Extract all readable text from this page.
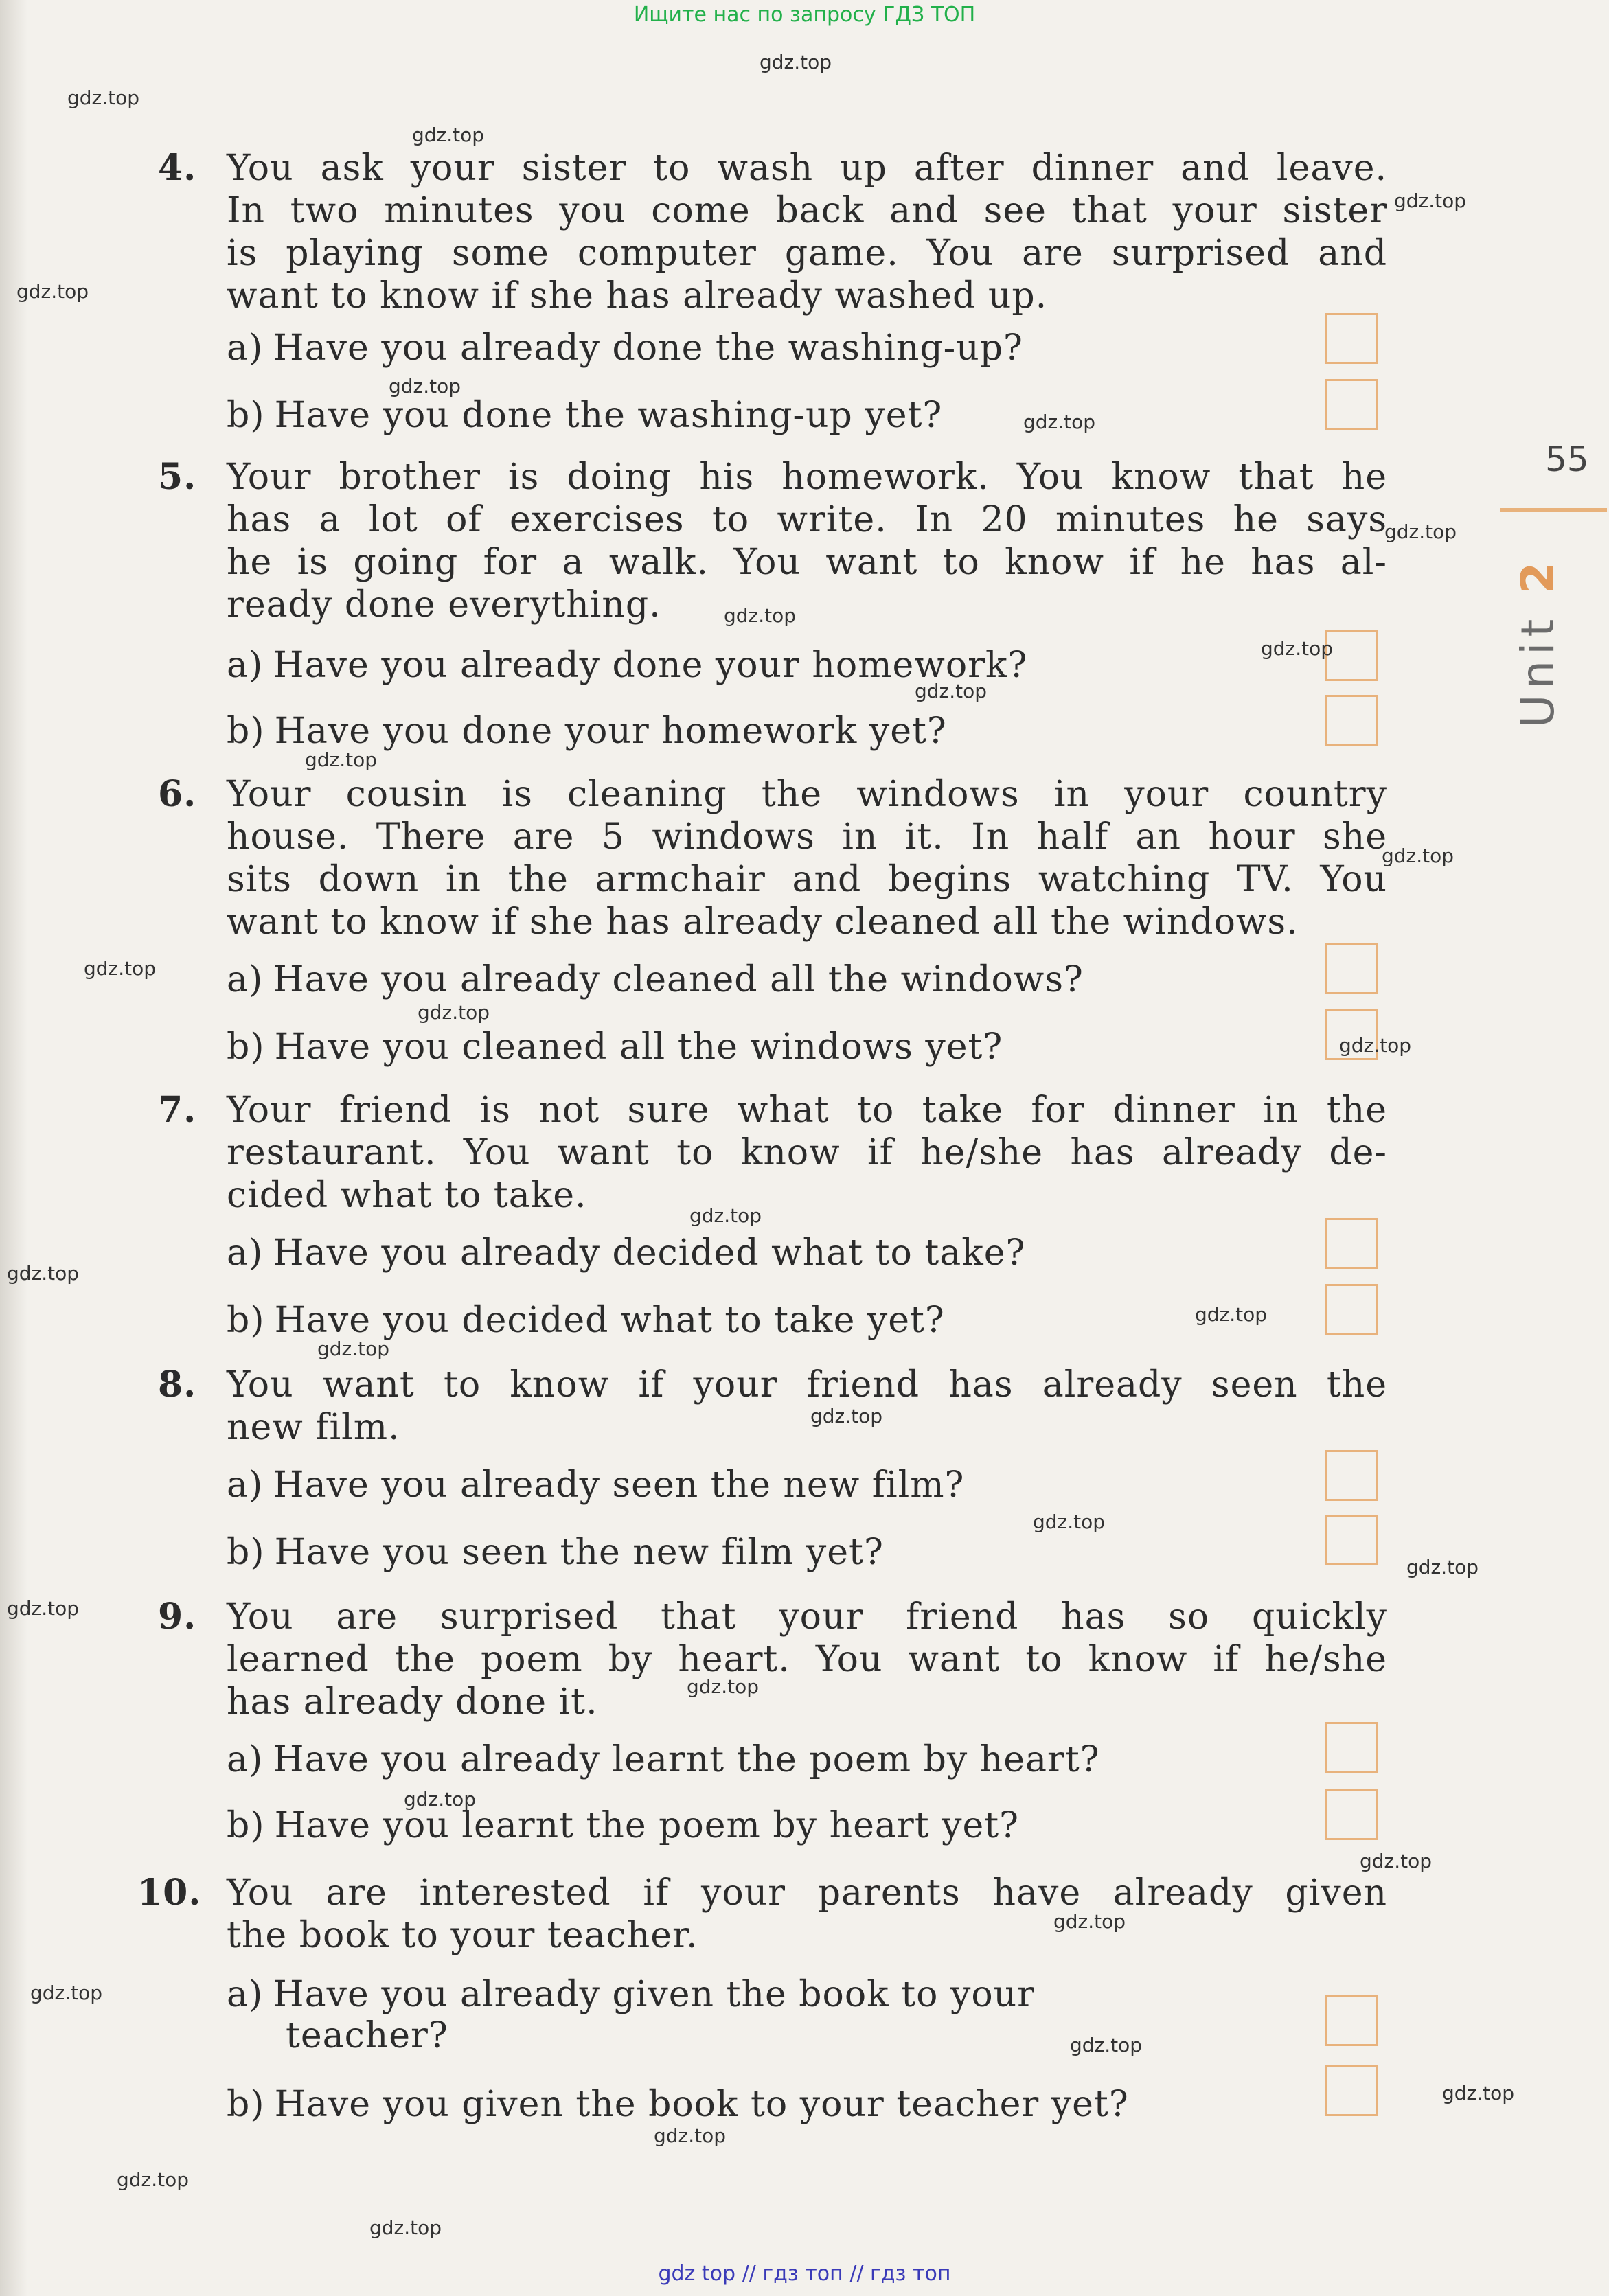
Ищите нас по запросу ГДЗ ТОП
55
Unit 2
4. You ask your sister to wash up after dinner and leave.
In two minutes you come back and see that your sister
is playing some computer game. You are surprised and
want to know if she has already washed up.
a) Have you already done the washing-up?
b) Have you done the washing-up yet?
5. Your brother is doing his homework. You know that he
has a lot of exercises to write. In 20 minutes he says
he is going for a walk. You want to know if he has al-
ready done everything.
a) Have you already done your homework?
b) Have you done your homework yet?
6. Your cousin is cleaning the windows in your country
house. There are 5 windows in it. In half an hour she
sits down in the armchair and begins watching TV. You
want to know if she has already cleaned all the windows.
a) Have you already cleaned all the windows?
b) Have you cleaned all the windows yet?
7. Your friend is not sure what to take for dinner in the
restaurant. You want to know if he/she has already de-
cided what to take.
a) Have you already decided what to take?
b) Have you decided what to take yet?
8. You want to know if your friend has already seen the
new film.
a) Have you already seen the new film?
b) Have you seen the new film yet?
9. You are surprised that your friend has so quickly
learned the poem by heart. You want to know if he/she
has already done it.
a) Have you already learnt the poem by heart?
b) Have you learnt the poem by heart yet?
10. You are interested if your parents have already given
the book to your teacher.
a) Have you already given the book to your
teacher?
b) Have you given the book to your teacher yet?
gdz.top
gdz.top
gdz.top
gdz.top
gdz.top
gdz.top
gdz.top
gdz.top
gdz.top
gdz.top
gdz.top
gdz.top
gdz.top
gdz.top
gdz.top
gdz.top
gdz.top
gdz.top
gdz.top
gdz.top
gdz.top
gdz.top
gdz.top
gdz.top
gdz.top
gdz.top
gdz.top
gdz.top
gdz.top
gdz.top
gdz.top
gdz.top
gdz.top
gdz.top
gdz top // гдз топ // гдз топ
